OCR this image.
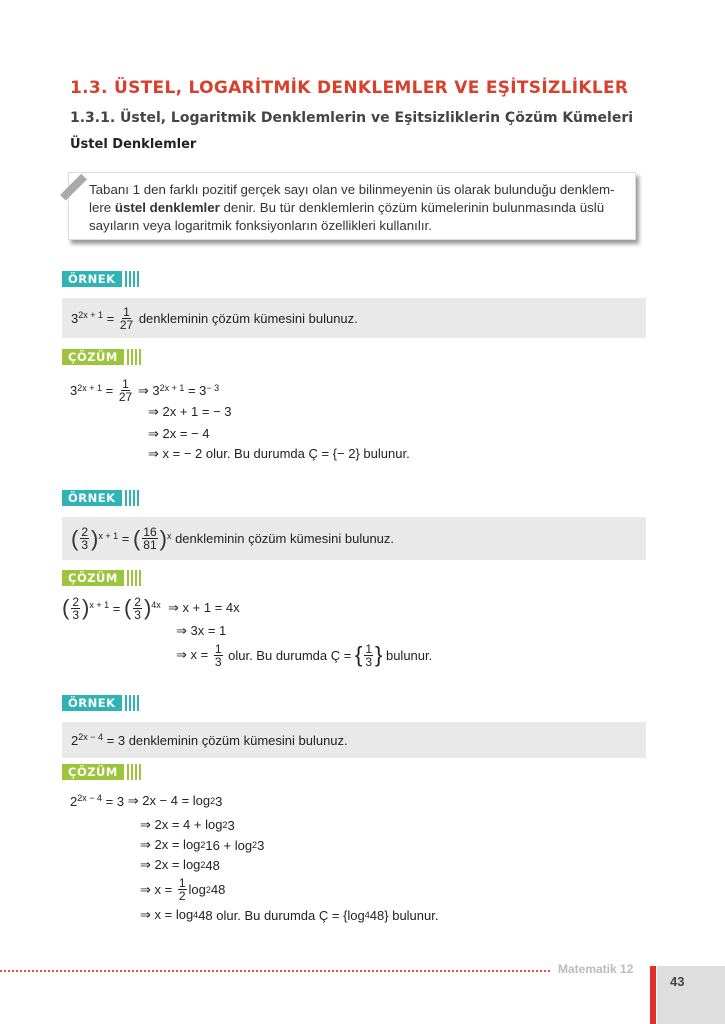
1.3. ÜSTEL, LOGARİTMİK DENKLEMLER VE EŞİTSİZLİKLER
1.3.1. Üstel, Logaritmik Denklemlerin ve Eşitsizliklerin Çözüm Kümeleri
Üstel Denklemler
Tabanı 1 den farklı pozitif gerçek sayı olan ve bilinmeyenin üs olarak bulunduğu denklem-
lere üstel denklemler denir. Bu tür denklemlerin çözüm kümelerinin bulunmasında üslü
sayıların veya logaritmik fonksiyonların özellikleri kullanılır.
ÖRNEK
$3^{2x + 1} = 1$
27
denkleminin çözüm kümesini bulunuz.
ÇÖZÜM
$3^{2x + 1} = 1$
27 ⇒ $3^{2x + 1} = 3^{- 3}$
⇒ 2x + 1 = − 3
⇒ 2x = − 4
⇒ x = − 2 olur. Bu durumda Ç = {− 2} bulunur.
ÖRNEK
( 2
3 )$^{x + 1}$ = ( 16
81 )$^x$
denkleminin çözüm kümesini bulunuz.
ÇÖZÜM
( 2
3 )$^{x + 1}$ = ( 2
3 )$^{4x}$
⇒ x + 1 = 4x
⇒ 3x = 1
⇒ $x = \frac{1}{3}$ olur. Bu durumda Ç = { 1
3 } bulunur.
ÖRNEK
$2^{2x - 4}$
= 3
denkleminin çözüm kümesini bulunuz.
ÇÖZÜM
$2^{2x - 4}$
= 3
⇒ 2x − 4 = log 2 3
⇒ 2x = 4 + log 2 3
⇒ 2x = log 2 16 + log 2 3
⇒ 2x = log 2 48
⇒ $x = \frac{1}{2}$ log 2 48
⇒ x = log 4 48 olur. Bu durumda Ç = {log 4 48} bulunur.
Matematik 12
43
